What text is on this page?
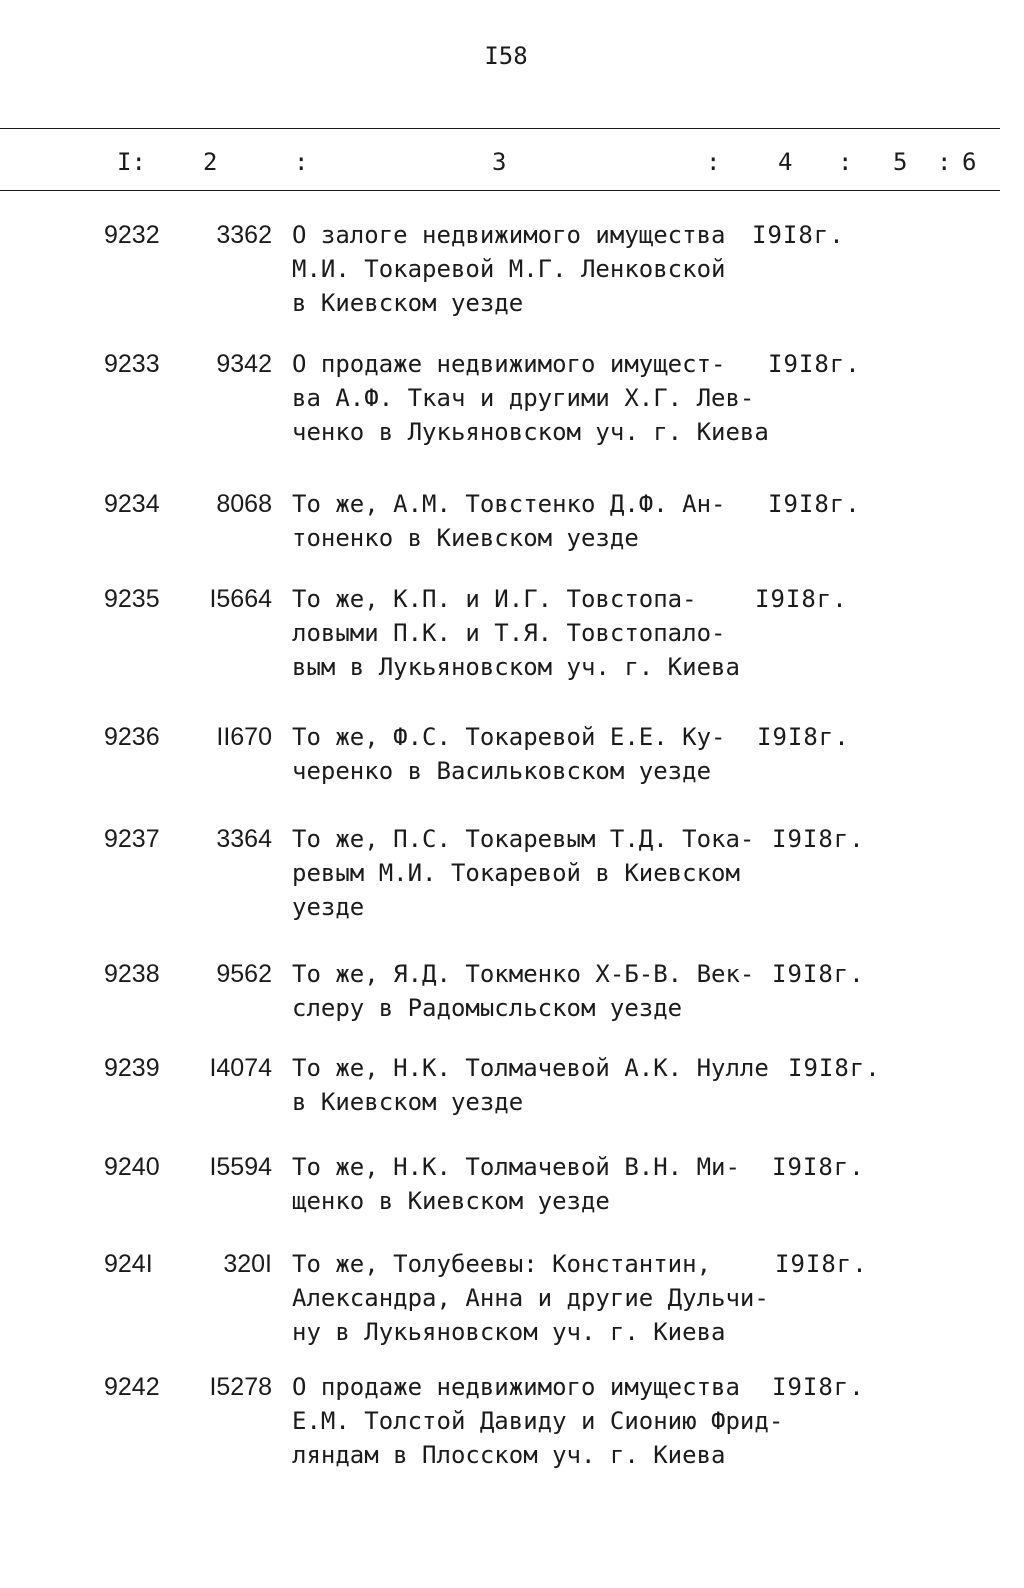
I58
I: 2	:	3	: 4 : 5 : 6
9232	3362 О залоге недвижимого имущества
М.И. Токаревой М.Г. Ленковской
в Киевском уезде
I9I8г.
9233	9342 О продаже недвижимого имущест-
ва А.Ф. Ткач и другими Х.Г. Лев-
ченко в Лукьяновском уч. г. Киева
I9I8г.
9234	8068 То же, А.М. Товстенко Д.Ф. Ан-
тоненко в Киевском уезде
I9I8г.
9235	I5664 То же, К.П. и И.Г. Товстопа-
ловыми П.К. и Т.Я. Товстопало-
вым в Лукьяновском уч. г. Киева
I9I8г.
9236	II670 То же, Ф.С. Токаревой Е.Е. Ку-
черенко в Васильковском уезде
I9I8г.
9237	3364 То же, П.С. Токаревым Т.Д. Тока-
ревым М.И. Токаревой в Киевском
уезде
I9I8г.
9238	9562 То же, Я.Д. Токменко Х-Б-В. Век-
слеру в Радомысльском уезде
I9I8г.
9239	I4074 То же, Н.К. Толмачевой А.К. Нулле
в Киевском уезде
I9I8г.
9240	I5594 То же, Н.К. Толмачевой В.Н. Ми-
щенко в Киевском уезде
I9I8г.
924I	320I То же, Толубеевы: Константин,
Александра, Анна и другие Дульчи-
ну в Лукьяновском уч. г. Киева
I9I8г.
9242	I5278 О продаже недвижимого имущества
Е.М. Толстой Давиду и Сионию Фрид-
ляндам в Плосском уч. г. Киева
I9I8г.
